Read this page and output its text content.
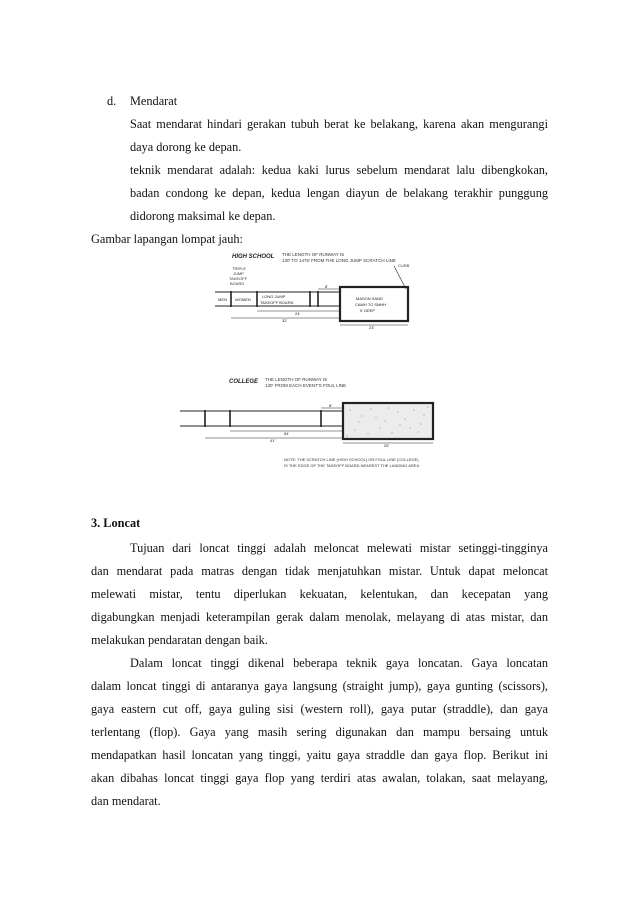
d. Mendarat
Saat mendarat hindari gerakan tubuh berat ke belakang, karena akan mengurangi
daya dorong ke depan.
teknik mendarat adalah: kedua kaki lurus sebelum mendarat lalu dibengkokan,
badan condong ke depan, kedua lengan diayun de belakang terakhir punggung
didorong maksimal ke depan.
Gambar lapangan lompat jauh:
HIGH SCHOOL THE LENGTH OF RUNWAY IS
130' TO 1475' FROM THE LONG JUMP SCRATCH LINE
TRIPLE
JUMP
TAKEOFF
BOARD
CURB
MEN WOMEN
LONG JUMP
TAKEOFF BOARD
MASON SAND
CAMH TO SMHH
9' DEEP
8'
24'
32'
23'
COLLEGE THE LENGTH OF RUNWAY IS
130' FROM EACH EVENT'S FOUL LINE
8'
54'
41'
25'
NOTE: THE SCRATCH LINE (HIGH SCHOOL) OR FOUL LINE (COLLEGE)
IS THE EDGE OF THE TAKEOFF BOARD NEAREST THE LANDING AREA
3. Loncat
Tujuan dari loncat tinggi adalah meloncat melewati mistar setinggi-tingginya
dan mendarat pada matras dengan tidak menjatuhkan mistar. Untuk dapat meloncat
melewati mistar, tentu diperlukan kekuatan, kelentukan, dan kecepatan yang
digabungkan menjadi keterampilan gerak dalam menolak, melayang di atas mistar, dan
melakukan pendaratan dengan baik.
Dalam loncat tinggi dikenal beberapa teknik gaya loncatan. Gaya loncatan
dalam loncat tinggi di antaranya gaya langsung (straight jump), gaya gunting (scissors),
gaya eastern cut off, gaya guling sisi (western roll), gaya putar (straddle), dan gaya
terlentang (flop). Gaya yang masih sering digunakan dan mampu bersaing untuk
mendapatkan hasil loncatan yang tinggi, yaitu gaya straddle dan gaya flop. Berikut ini
akan dibahas loncat tinggi gaya flop yang terdiri atas awalan, tolakan, saat melayang,
dan mendarat.
